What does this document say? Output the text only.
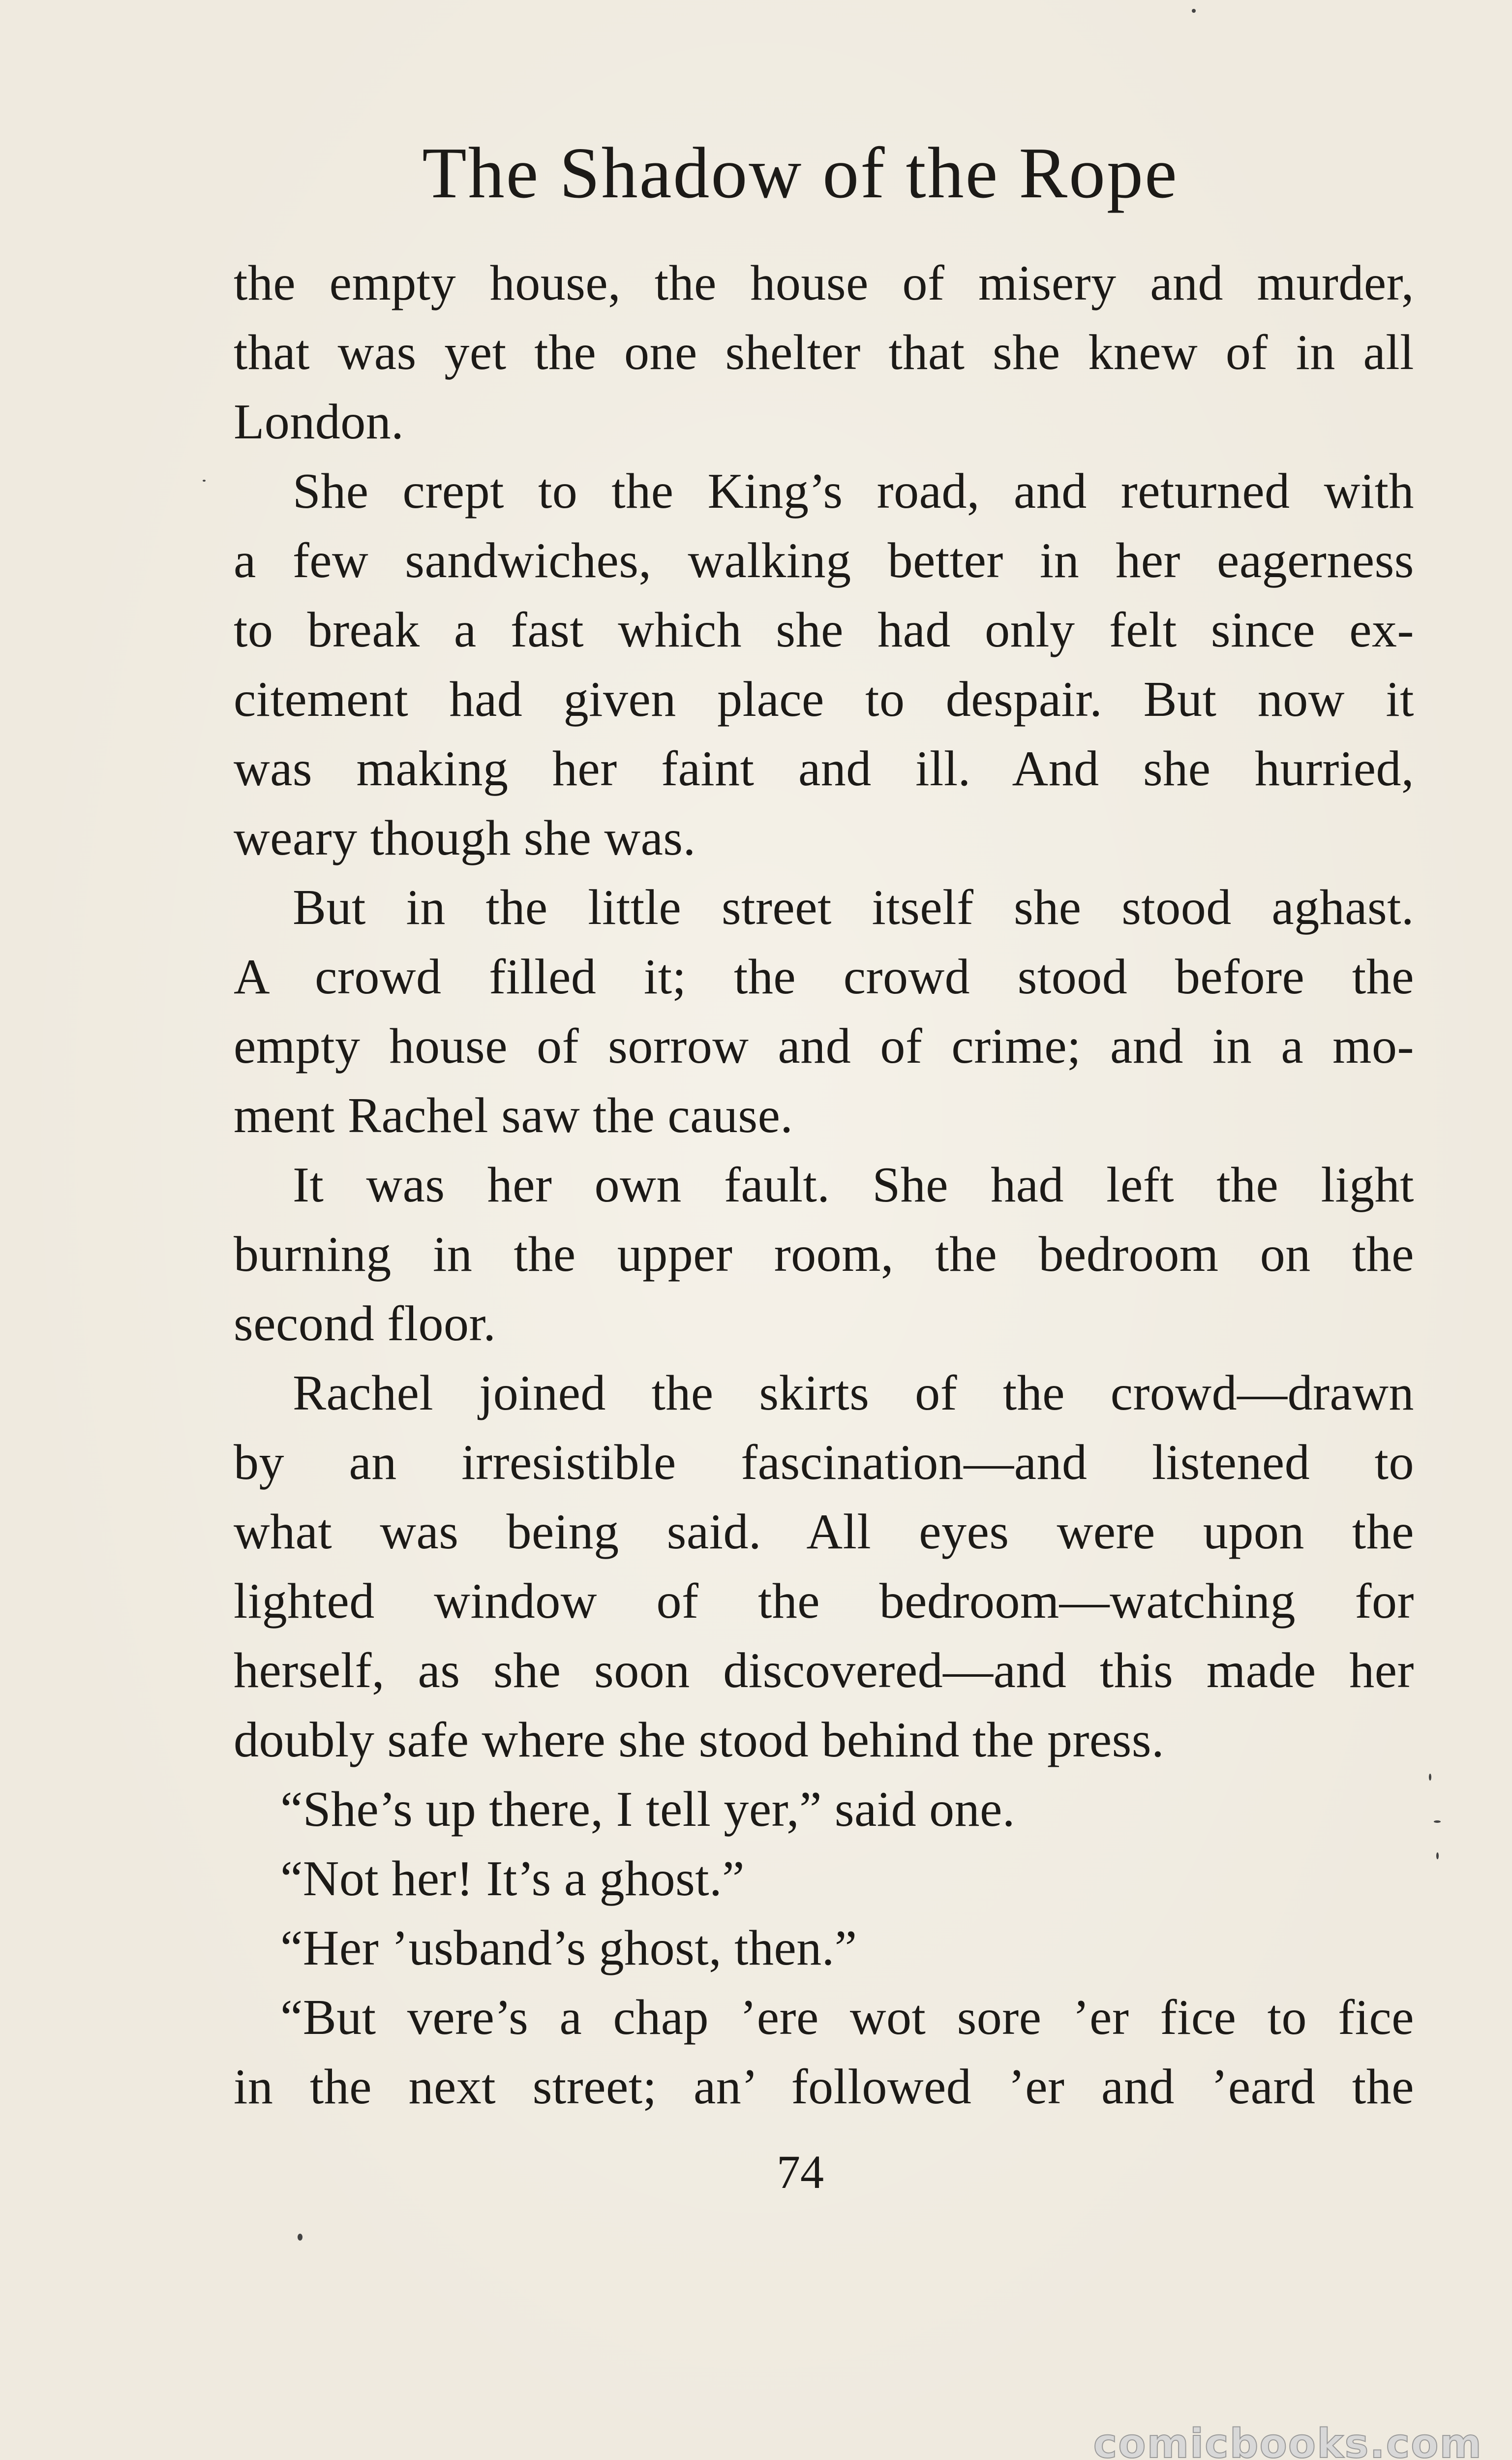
The Shadow of the Rope
the empty house, the house of misery and murder,
that was yet the one shelter that she knew of in all
London.
She crept to the King’s road, and returned with
a few sandwiches, walking better in her eagerness
to break a fast which she had only felt since ex-
citement had given place to despair. But now it
was making her faint and ill. And she hurried,
weary though she was.
But in the little street itself she stood aghast.
A crowd filled it; the crowd stood before the
empty house of sorrow and of crime; and in a mo-
ment Rachel saw the cause.
It was her own fault. She had left the light
burning in the upper room, the bedroom on the
second floor.
Rachel joined the skirts of the crowd—drawn
by an irresistible fascination—and listened to
what was being said. All eyes were upon the
lighted window of the bedroom—watching for
herself, as she soon discovered—and this made her
doubly safe where she stood behind the press.
“She’s up there, I tell yer,” said one.
“Not her! It’s a ghost.”
“Her ’usband’s ghost, then.”
“But vere’s a chap ’ere wot sore ’er fice to fice
in the next street; an’ followed ’er and ’eard the
74
comicbooks.com
